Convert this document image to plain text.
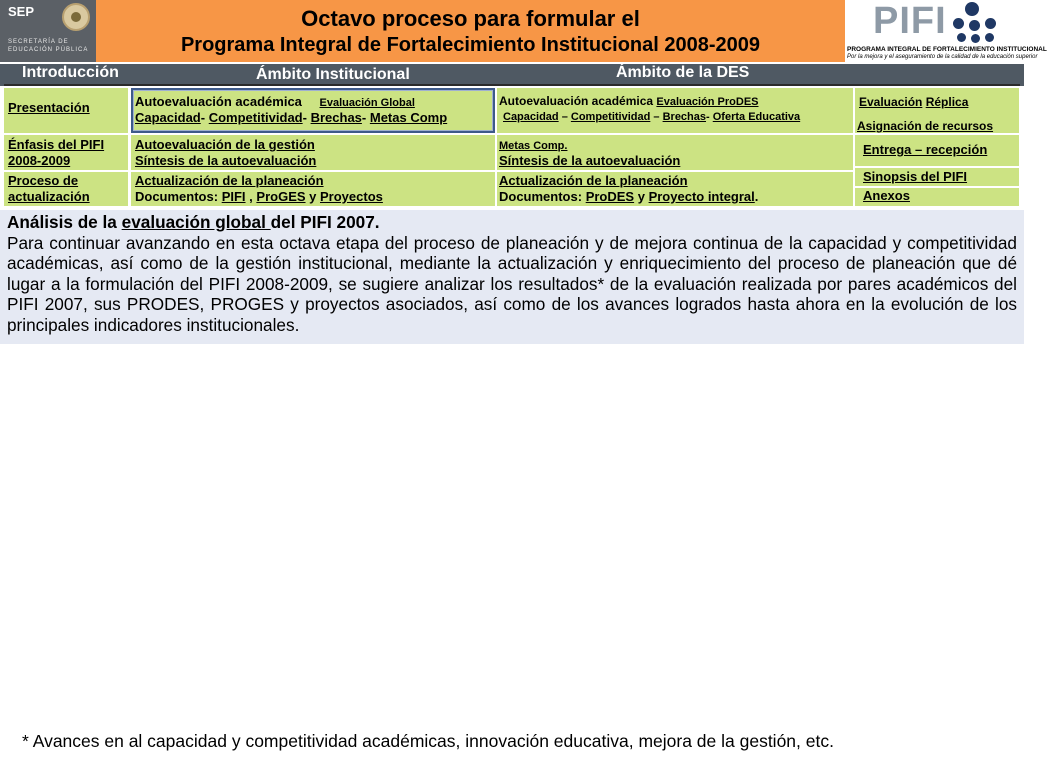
SEP
SECRETARÍA DE
EDUCACIÓN PÚBLICA
Octavo proceso para formular el
Programa Integral de Fortalecimiento Institucional 2008-2009
PIFI
PROGRAMA INTEGRAL DE FORTALECIMIENTO INSTITUCIONAL
Por la mejora y el aseguramiento de la calidad de la educación superior
Introducción	Ámbito Institucional	Ámbito de la DES
Presentación
Énfasis del PIFI
2008-2009
Proceso de
actualización
Autoevaluación académica Evaluación Global
Capacidad- Competitividad- Brechas- Metas Comp
Autoevaluación de la gestión
Síntesis de la autoevaluación
Actualización de la planeación
Documentos: PIFI , ProGES y Proyectos
Autoevaluación académica Evaluación ProDES
Capacidad – Competitividad – Brechas- Oferta Educativa
Metas Comp.
Síntesis de la autoevaluación
Actualización de la planeación
Documentos: ProDES y Proyecto integral.
Evaluación Réplica
Asignación de recursos
Entrega – recepción
Sinopsis del PIFI
Anexos
Análisis de la evaluación global del PIFI 2007.
Para continuar avanzando en esta octava etapa del proceso de planeación y de mejora continua de la capacidad y competitividad académicas, así como de la gestión institucional, mediante la actualización y enriquecimiento del proceso de planeación que dé lugar a la formulación del PIFI 2008-2009, se sugiere analizar los resultados* de la evaluación realizada por pares académicos del PIFI 2007, sus PRODES, PROGES y proyectos asociados, así como de los avances logrados hasta ahora en la evolución de los principales indicadores institucionales.
* Avances en al capacidad y competitividad académicas, innovación educativa, mejora de la gestión, etc.
